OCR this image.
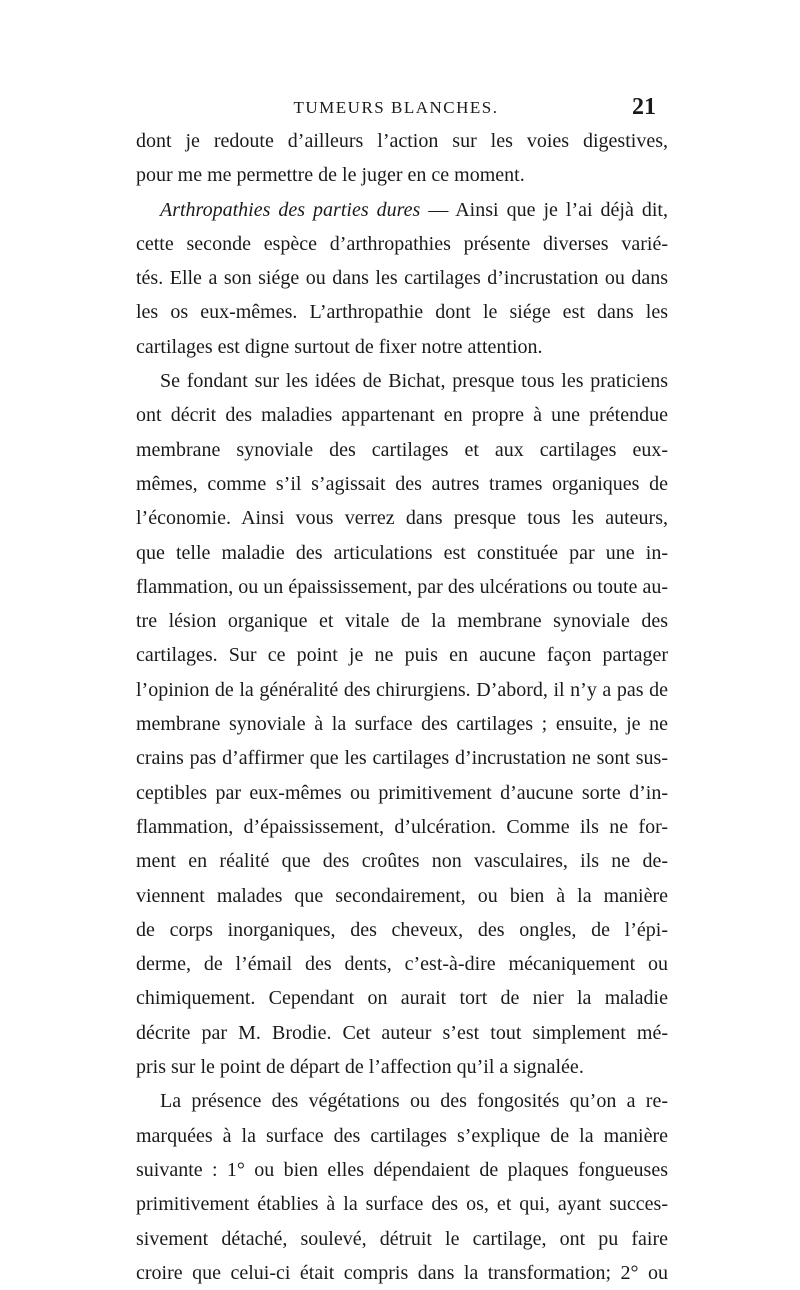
TUMEURS BLANCHES.	21
dont je redoute d’ailleurs l’action sur les voies digestives,
pour me me permettre de le juger en ce moment.
Arthropathies des parties dures — Ainsi que je l’ai déjà dit,
cette seconde espèce d’arthropathies présente diverses varié-
tés. Elle a son siége ou dans les cartilages d’incrustation ou dans
les os eux-mêmes. L’arthropathie dont le siége est dans les
cartilages est digne surtout de fixer notre attention.
Se fondant sur les idées de Bichat, presque tous les praticiens
ont décrit des maladies appartenant en propre à une prétendue
membrane synoviale des cartilages et aux cartilages eux-
mêmes, comme s’il s’agissait des autres trames organiques de
l’économie. Ainsi vous verrez dans presque tous les auteurs,
que telle maladie des articulations est constituée par une in-
flammation, ou un épaississement, par des ulcérations ou toute au-
tre lésion organique et vitale de la membrane synoviale des
cartilages. Sur ce point je ne puis en aucune façon partager
l’opinion de la généralité des chirurgiens. D’abord, il n’y a pas de
membrane synoviale à la surface des cartilages ; ensuite, je ne
crains pas d’affirmer que les cartilages d’incrustation ne sont sus-
ceptibles par eux-mêmes ou primitivement d’aucune sorte d’in-
flammation, d’épaississement, d’ulcération. Comme ils ne for-
ment en réalité que des croûtes non vasculaires, ils ne de-
viennent malades que secondairement, ou bien à la manière
de corps inorganiques, des cheveux, des ongles, de l’épi-
derme, de l’émail des dents, c’est-à-dire mécaniquement ou
chimiquement. Cependant on aurait tort de nier la maladie
décrite par M. Brodie. Cet auteur s’est tout simplement mé-
pris sur le point de départ de l’affection qu’il a signalée.
La présence des végétations ou des fongosités qu’on a re-
marquées à la surface des cartilages s’explique de la manière
suivante : 1° ou bien elles dépendaient de plaques fongueuses
primitivement établies à la surface des os, et qui, ayant succes-
sivement détaché, soulevé, détruit le cartilage, ont pu faire
croire que celui-ci était compris dans la transformation; 2° ou
